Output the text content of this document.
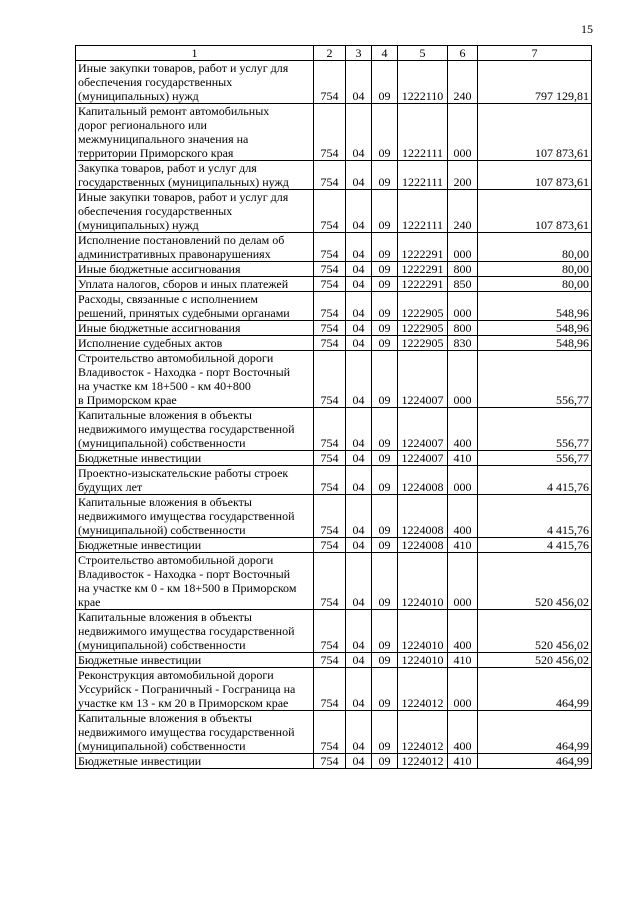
15
1	2	3	4	5	6	7
Иные закупки товаров, работ и услуг для
обеспечения государственных
(муниципальных) нужд	754	04	09	1222110	240	797 129,81
Капитальный ремонт автомобильных
дорог регионального или
межмуниципального значения на
территории Приморского края	754	04	09	1222111	000	107 873,61
Закупка товаров, работ и услуг для
государственных (муниципальных) нужд	754	04	09	1222111	200	107 873,61
Иные закупки товаров, работ и услуг для
обеспечения государственных
(муниципальных) нужд	754	04	09	1222111	240	107 873,61
Исполнение постановлений по делам об
административных правонарушениях	754	04	09	1222291	000	80,00
Иные бюджетные ассигнования	754	04	09	1222291	800	80,00
Уплата налогов, сборов и иных платежей	754	04	09	1222291	850	80,00
Расходы, связанные с исполнением
решений, принятых судебными органами	754	04	09	1222905	000	548,96
Иные бюджетные ассигнования	754	04	09	1222905	800	548,96
Исполнение судебных актов	754	04	09	1222905	830	548,96
Строительство автомобильной дороги
Владивосток - Находка - порт Восточный
на участке км 18+500 - км 40+800
в Приморском крае	754	04	09	1224007	000	556,77
Капитальные вложения в объекты
недвижимого имущества государственной
(муниципальной) собственности	754	04	09	1224007	400	556,77
Бюджетные инвестиции	754	04	09	1224007	410	556,77
Проектно-изыскательские работы строек
будущих лет	754	04	09	1224008	000	4 415,76
Капитальные вложения в объекты
недвижимого имущества государственной
(муниципальной) собственности	754	04	09	1224008	400	4 415,76
Бюджетные инвестиции	754	04	09	1224008	410	4 415,76
Строительство автомобильной дороги
Владивосток - Находка - порт Восточный
на участке км 0 - км 18+500 в Приморском
крае	754	04	09	1224010	000	520 456,02
Капитальные вложения в объекты
недвижимого имущества государственной
(муниципальной) собственности	754	04	09	1224010	400	520 456,02
Бюджетные инвестиции	754	04	09	1224010	410	520 456,02
Реконструкция автомобильной дороги
Уссурийск - Пограничный - Госграница на
участке км 13 - км 20 в Приморском крае	754	04	09	1224012	000	464,99
Капитальные вложения в объекты
недвижимого имущества государственной
(муниципальной) собственности	754	04	09	1224012	400	464,99
Бюджетные инвестиции	754	04	09	1224012	410	464,99
